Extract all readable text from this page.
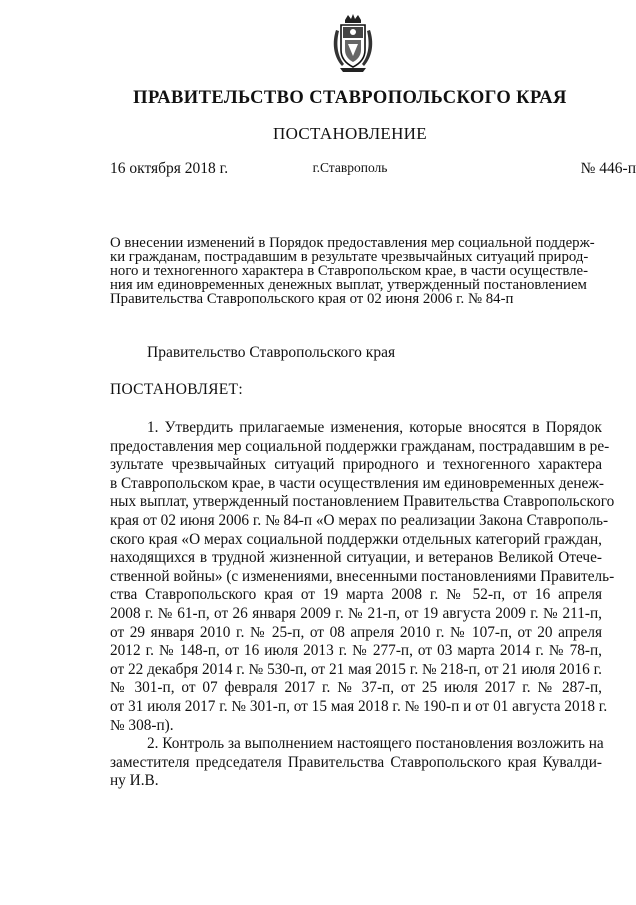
ПРАВИТЕЛЬСТВО СТАВРОПОЛЬСКОГО КРАЯ
ПОСТАНОВЛЕНИЕ
16 октября 2018 г.	г.Ставрополь	№ 446-п
О внесении изменений в Порядок предоставления мер социальной поддерж-
ки гражданам, пострадавшим в результате чрезвычайных ситуаций природ-
ного и техногенного характера в Ставропольском крае, в части осуществле-
ния им единовременных денежных выплат, утвержденный постановлением
Правительства Ставропольского края от 02 июня 2006 г. № 84-п
Правительство Ставропольского края
ПОСТАНОВЛЯЕТ:
1. Утвердить прилагаемые изменения, которые вносятся в Порядок
предоставления мер социальной поддержки гражданам, пострадавшим в ре-
зультате чрезвычайных ситуаций природного и техногенного характера
в Ставропольском крае, в части осуществления им единовременных денеж-
ных выплат, утвержденный постановлением Правительства Ставропольского
края от 02 июня 2006 г. № 84-п «О мерах по реализации Закона Ставрополь-
ского края «О мерах социальной поддержки отдельных категорий граждан,
находящихся в трудной жизненной ситуации, и ветеранов Великой Отече-
ственной войны» (с изменениями, внесенными постановлениями Правитель-
ства Ставропольского края от 19 марта 2008 г. № 52-п, от 16 апреля
2008 г. № 61-п, от 26 января 2009 г. № 21-п, от 19 августа 2009 г. № 211-п,
от 29 января 2010 г. № 25-п, от 08 апреля 2010 г. № 107-п, от 20 апреля
2012 г. № 148-п, от 16 июля 2013 г. № 277-п, от 03 марта 2014 г. № 78-п,
от 22 декабря 2014 г. № 530-п, от 21 мая 2015 г. № 218-п, от 21 июля 2016 г.
№ 301-п, от 07 февраля 2017 г. № 37-п, от 25 июля 2017 г. № 287-п,
от 31 июля 2017 г. № 301-п, от 15 мая 2018 г. № 190-п и от 01 августа 2018 г.
№ 308-п).
2. Контроль за выполнением настоящего постановления возложить на
заместителя председателя Правительства Ставропольского края Кувалди-
ну И.В.
